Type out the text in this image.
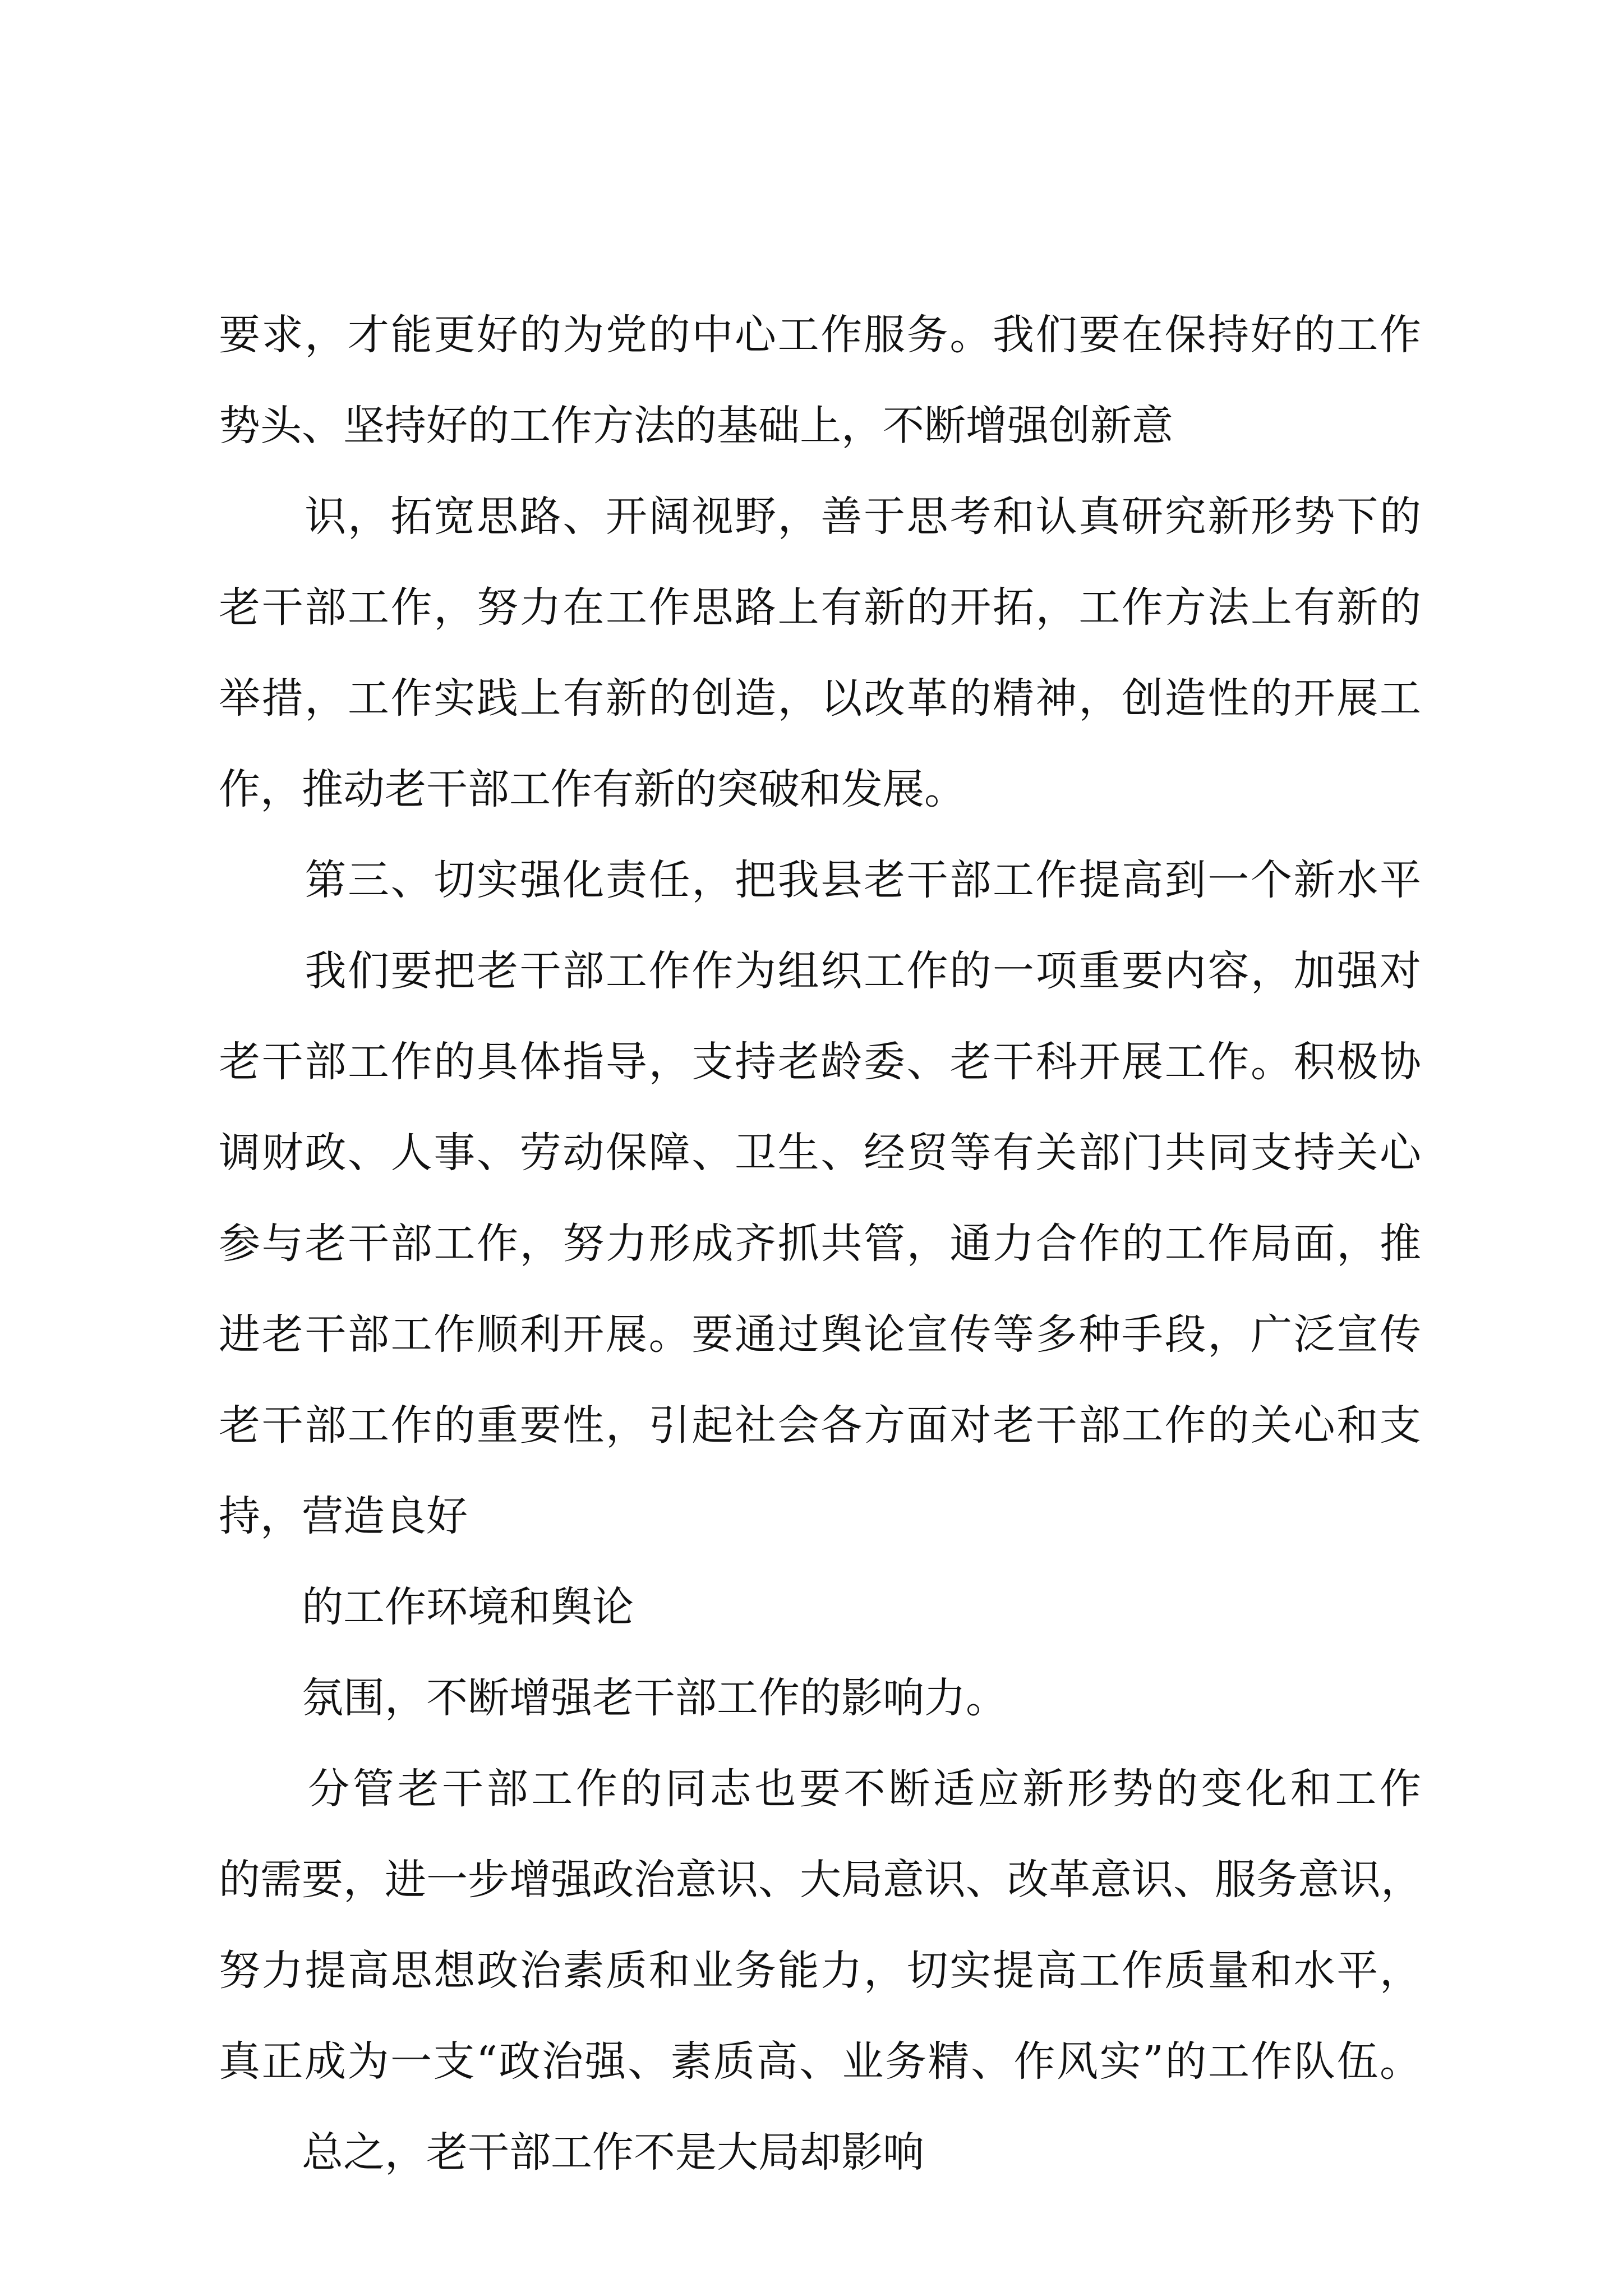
要求，才能更好的为党的中心工作服务。我们要在保持好的工作
势头、坚持好的工作方法的基础上，不断增强创新意
　　识，拓宽思路、开阔视野，善于思考和认真研究新形势下的
老干部工作，努力在工作思路上有新的开拓，工作方法上有新的
举措，工作实践上有新的创造，以改革的精神，创造性的开展工
作，推动老干部工作有新的突破和发展。
　　第三、切实强化责任，把我县老干部工作提高到一个新水平
　　我们要把老干部工作作为组织工作的一项重要内容，加强对
老干部工作的具体指导，支持老龄委、老干科开展工作。积极协
调财政、人事、劳动保障、卫生、经贸等有关部门共同支持关心
参与老干部工作，努力形成齐抓共管，通力合作的工作局面，推
进老干部工作顺利开展。要通过舆论宣传等多种手段，广泛宣传
老干部工作的重要性，引起社会各方面对老干部工作的关心和支
持，营造良好
　　的工作环境和舆论
　　氛围，不断增强老干部工作的影响力。
　　分管老干部工作的同志也要不断适应新形势的变化和工作
的需要，进一步增强政治意识、大局意识、改革意识、服务意识，
努力提高思想政治素质和业务能力，切实提高工作质量和水平，
真正成为一支“政治强、素质高、业务精、作风实”的工作队伍。
　　总之，老干部工作不是大局却影响
